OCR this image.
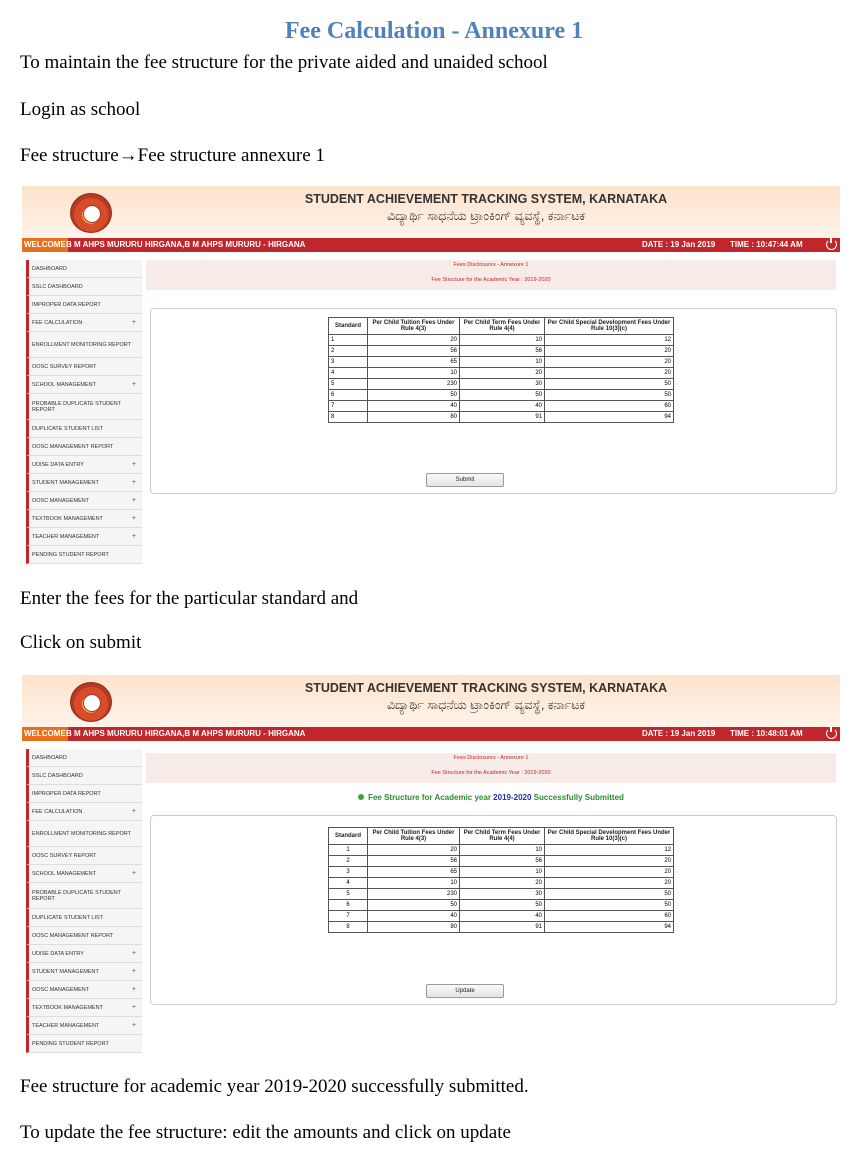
Fee Calculation - Annexure 1
To maintain the fee structure for the private aided and unaided school
Login as school
Fee structure→Fee structure annexure 1
STUDENT ACHIEVEMENT TRACKING SYSTEM, KARNATAKA
ವಿದ್ಯಾರ್ಥಿ ಸಾಧನೆಯ ಟ್ರಾಂಕಿಂಗ್ ವ್ಯವಸ್ಥೆ, ಕರ್ನಾಟಕ
WELCOME B M AHPS MURURU HIRGANA,B M AHPS MURURU - HIRGANA	DATE : 19 Jan 2019 TIME : 10:47:44 AM
DASHBOARD
SSLC DASHBOARD
IMPROPER DATA REPORT
FEE CALCULATION	+
ENROLLMENT MONITORING REPORT
OOSC SURVEY REPORT
SCHOOL MANAGEMENT	+
PROBABLE DUPLICATE STUDENT REPORT
DUPLICATE STUDENT LIST
OOSC MANAGEMENT REPORT
UDISE DATA ENTRY	+
STUDENT MANAGEMENT	+
OOSC MANAGEMENT	+
TEXTBOOK MANAGEMENT	+
TEACHER MANAGEMENT	+
PENDING STUDENT REPORT
Fees Disclosures - Annexure 1
Fee Structure for the Academic Year : 2019-2020
Standard	Per Child Tuition Fees Under Rule 4(3)	Per Child Term Fees Under Rule 4(4)	Per Child Special Development Fees Under Rule 10(3)(c)
1	20	10	12
2	56	56	20
3	65	10	20
4	10	20	20
5	230	30	50
6	50	50	50
7	40	40	60
8	80	91	94
Submit
Enter the fees for the particular standard and
Click on submit
STUDENT ACHIEVEMENT TRACKING SYSTEM, KARNATAKA
ವಿದ್ಯಾರ್ಥಿ ಸಾಧನೆಯ ಟ್ರಾಂಕಿಂಗ್ ವ್ಯವಸ್ಥೆ, ಕರ್ನಾಟಕ
WELCOME B M AHPS MURURU HIRGANA,B M AHPS MURURU - HIRGANA	DATE : 19 Jan 2019 TIME : 10:48:01 AM
DASHBOARD
SSLC DASHBOARD
IMPROPER DATA REPORT
FEE CALCULATION	+
ENROLLMENT MONITORING REPORT
OOSC SURVEY REPORT
SCHOOL MANAGEMENT	+
PROBABLE DUPLICATE STUDENT REPORT
DUPLICATE STUDENT LIST
OOSC MANAGEMENT REPORT
UDISE DATA ENTRY	+
STUDENT MANAGEMENT	+
OOSC MANAGEMENT	+
TEXTBOOK MANAGEMENT	+
TEACHER MANAGEMENT	+
PENDING STUDENT REPORT
Fees Disclosures - Annexure 1
Fee Structure for the Academic Year : 2019-2020
Fee Structure for Academic year 2019-2020 Successfully Submitted
Standard	Per Child Tuition Fees Under Rule 4(3)	Per Child Term Fees Under Rule 4(4)	Per Child Special Development Fees Under Rule 10(3)(c)
1	20	10	12
2	56	56	20
3	65	10	20
4	10	20	20
5	230	30	50
6	50	50	50
7	40	40	60
8	80	91	94
Update
Fee structure for academic year 2019-2020 successfully submitted.
To update the fee structure: edit the amounts and click on update
